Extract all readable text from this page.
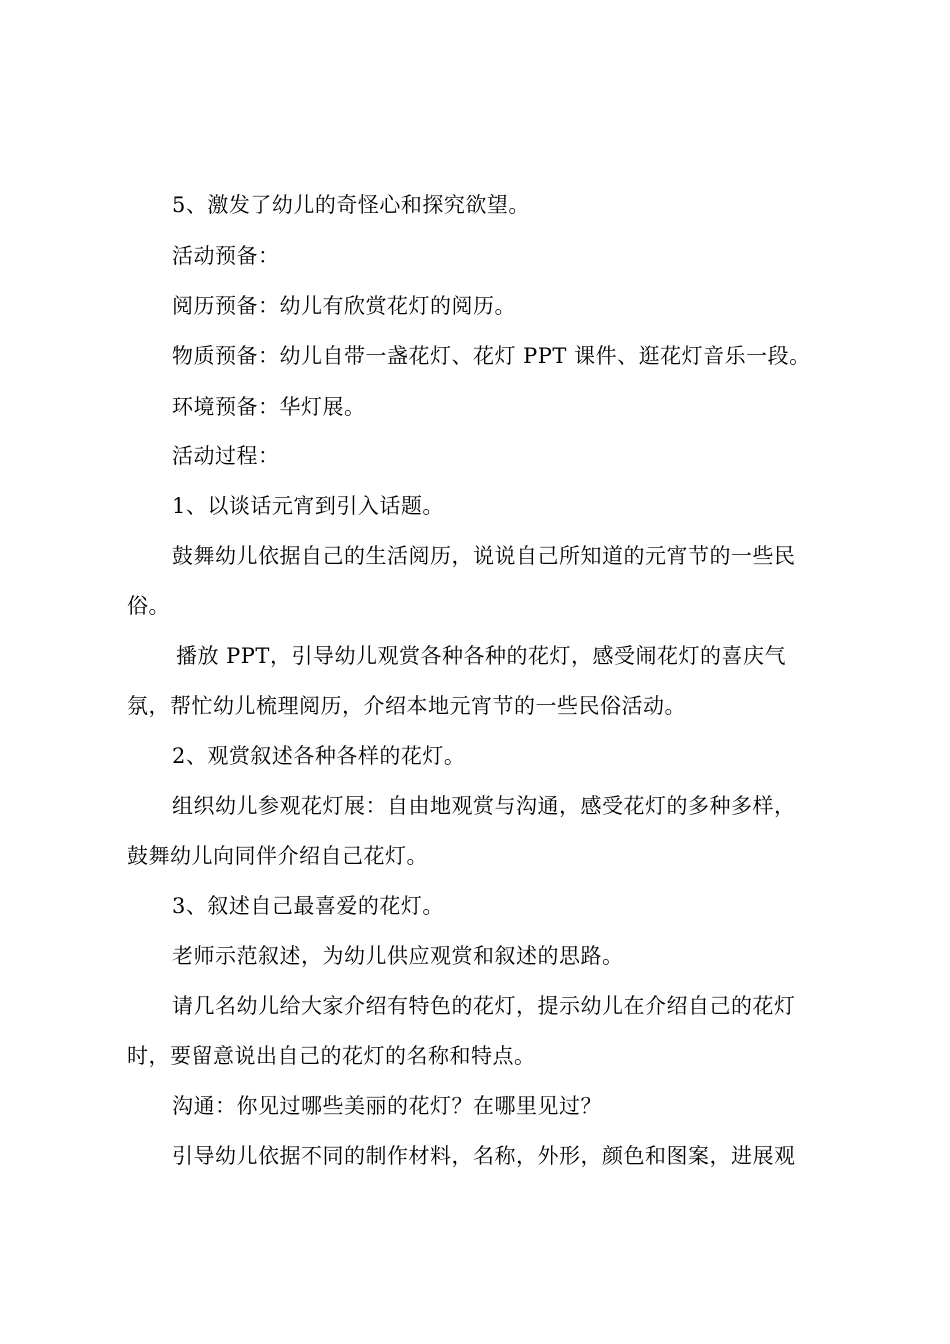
5、激发了幼儿的奇怪心和探究欲望。

活动预备：

阅历预备：幼儿有欣赏花灯的阅历。

物质预备：幼儿自带一盏花灯、花灯 PPT 课件、逛花灯音乐一段。

环境预备：华灯展。

活动过程：

1、以谈话元宵到引入话题。

鼓舞幼儿依据自己的生活阅历，说说自己所知道的元宵节的一些民

俗。

播放 PPT，引导幼儿观赏各种各种的花灯，感受闹花灯的喜庆气

氛，帮忙幼儿梳理阅历，介绍本地元宵节的一些民俗活动。

2、观赏叙述各种各样的花灯。

组织幼儿参观花灯展：自由地观赏与沟通，感受花灯的多种多样，

鼓舞幼儿向同伴介绍自己花灯。

3、叙述自己最喜爱的花灯。

老师示范叙述，为幼儿供应观赏和叙述的思路。

请几名幼儿给大家介绍有特色的花灯，提示幼儿在介绍自己的花灯

时，要留意说出自己的花灯的名称和特点。

沟通：你见过哪些美丽的花灯？在哪里见过？

引导幼儿依据不同的制作材料，名称，外形，颜色和图案，进展观
